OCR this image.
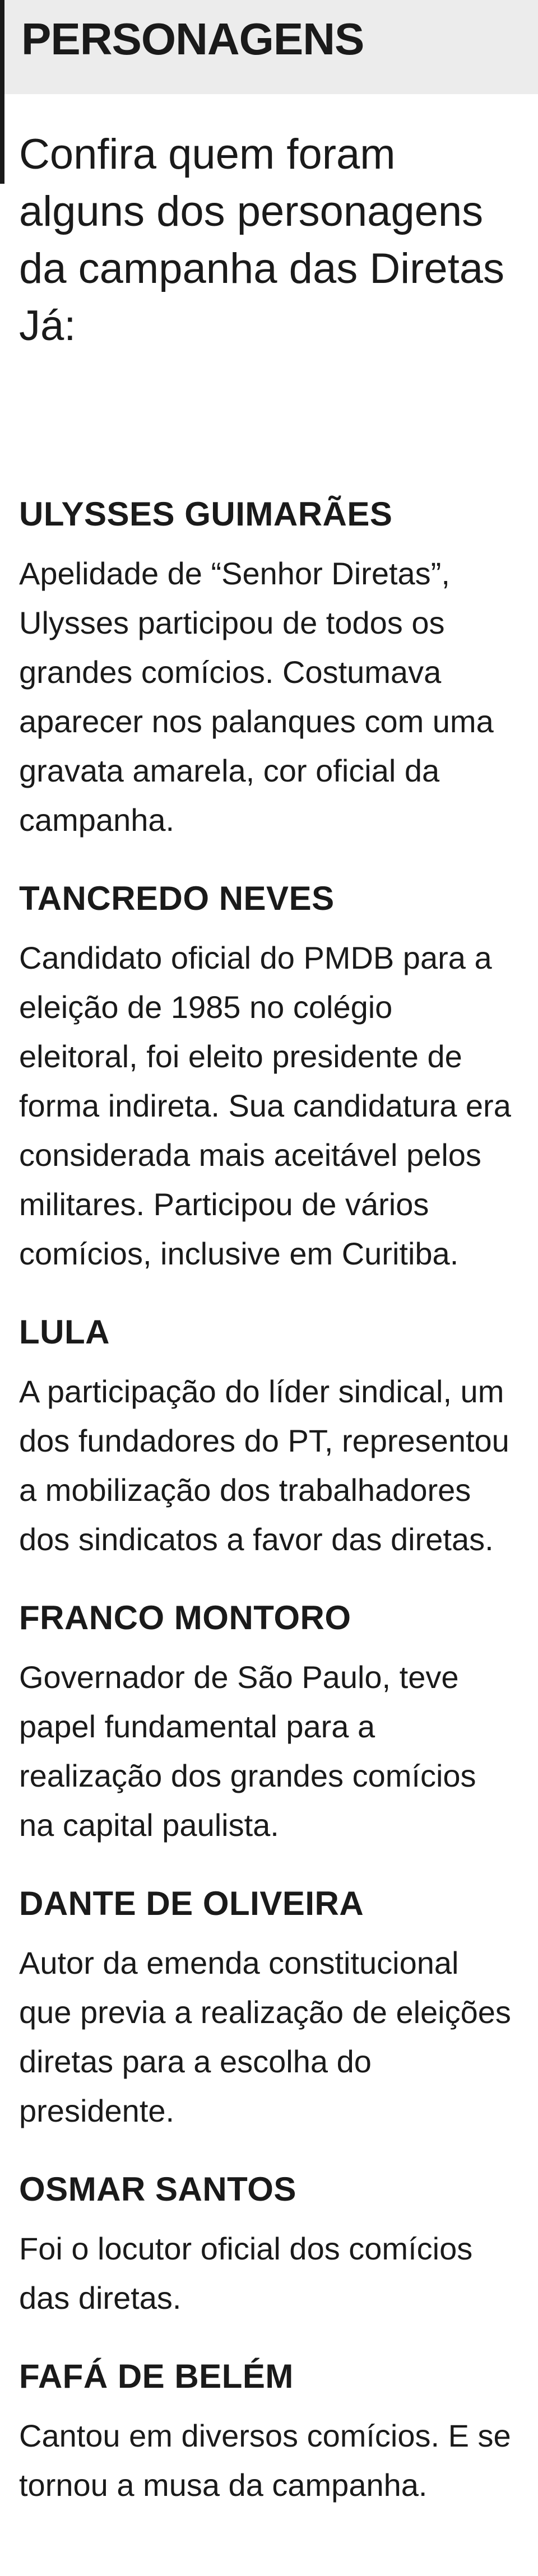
PERSONAGENS
Confira quem foram alguns dos personagens da campanha das Diretas Já:
ULYSSES GUIMARÃES
Apelidade de “Senhor Diretas”, Ulysses participou de todos os grandes comícios. Costumava aparecer nos palanques com uma gravata amarela, cor oficial da campanha.
TANCREDO NEVES
Candidato oficial do PMDB para a eleição de 1985 no colégio eleitoral, foi eleito presidente de forma indireta. Sua candidatura era considerada mais aceitável pelos militares. Participou de vários comícios, inclusive em Curitiba.
LULA
A participação do líder sindical, um dos fundadores do PT, representou a mobilização dos trabalhadores dos sindicatos a favor das diretas.
FRANCO MONTORO
Governador de São Paulo, teve papel fundamental para a realização dos grandes comícios na capital paulista.
DANTE DE OLIVEIRA
Autor da emenda constitucional que previa a realização de eleições diretas para a escolha do presidente.
OSMAR SANTOS
Foi o locutor oficial dos comícios das diretas.
FAFÁ DE BELÉM
Cantou em diversos comícios. E se tornou a musa da campanha.
